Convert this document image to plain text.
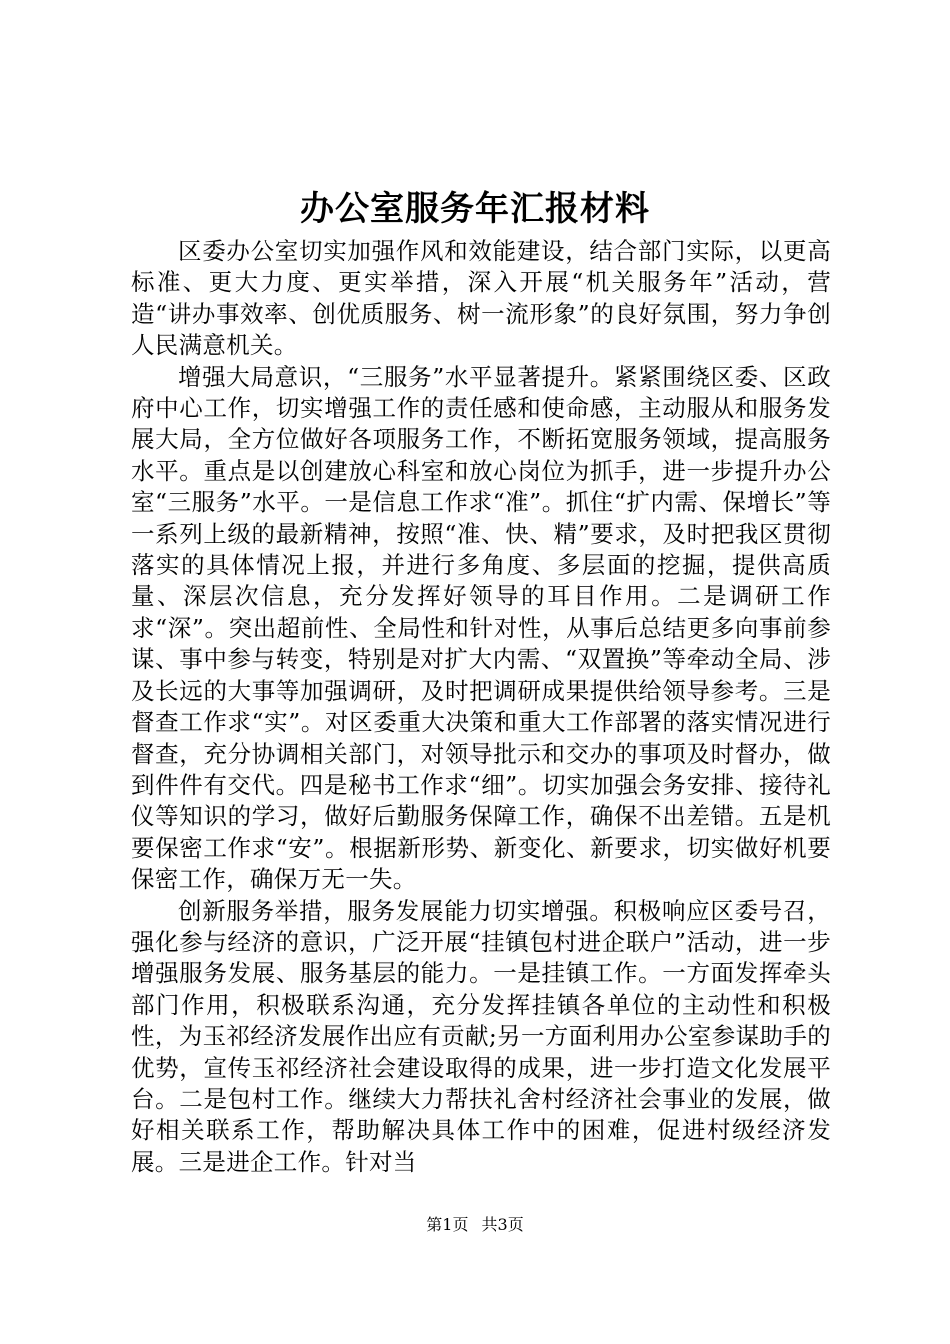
办公室服务年汇报材料

区委办公室切实加强作风和效能建设，结合部门实际，以更高标准、更大力度、更实举措，深入开展“机关服务年”活动，营造“讲办事效率、创优质服务、树一流形象”的良好氛围，努力争创人民满意机关。

增强大局意识，“三服务”水平显著提升。紧紧围绕区委、区政府中心工作，切实增强工作的责任感和使命感，主动服从和服务发展大局，全方位做好各项服务工作，不断拓宽服务领域，提高服务水平。重点是以创建放心科室和放心岗位为抓手，进一步提升办公室“三服务”水平。一是信息工作求“准”。抓住“扩内需、保增长”等一系列上级的最新精神，按照“准、快、精”要求，及时把我区贯彻落实的具体情况上报，并进行多角度、多层面的挖掘，提供高质量、深层次信息，充分发挥好领导的耳目作用。二是调研工作求“深”。突出超前性、全局性和针对性，从事后总结更多向事前参谋、事中参与转变，特别是对扩大内需、“双置换”等牵动全局、涉及长远的大事等加强调研，及时把调研成果提供给领导参考。三是督查工作求“实”。对区委重大决策和重大工作部署的落实情况进行督查，充分协调相关部门，对领导批示和交办的事项及时督办，做到件件有交代。四是秘书工作求“细”。切实加强会务安排、接待礼仪等知识的学习，做好后勤服务保障工作，确保不出差错。五是机要保密工作求“安”。根据新形势、新变化、新要求，切实做好机要保密工作，确保万无一失。

创新服务举措，服务发展能力切实增强。积极响应区委号召，强化参与经济的意识，广泛开展“挂镇包村进企联户”活动，进一步增强服务发展、服务基层的能力。一是挂镇工作。一方面发挥牵头部门作用，积极联系沟通，充分发挥挂镇各单位的主动性和积极性，为玉祁经济发展作出应有贡献;另一方面利用办公室参谋助手的优势，宣传玉祁经济社会建设取得的成果，进一步打造文化发展平台。二是包村工作。继续大力帮扶礼舍村经济社会事业的发展，做好相关联系工作，帮助解决具体工作中的困难，促进村级经济发展。三是进企工作。针对当

第1页 共3页
